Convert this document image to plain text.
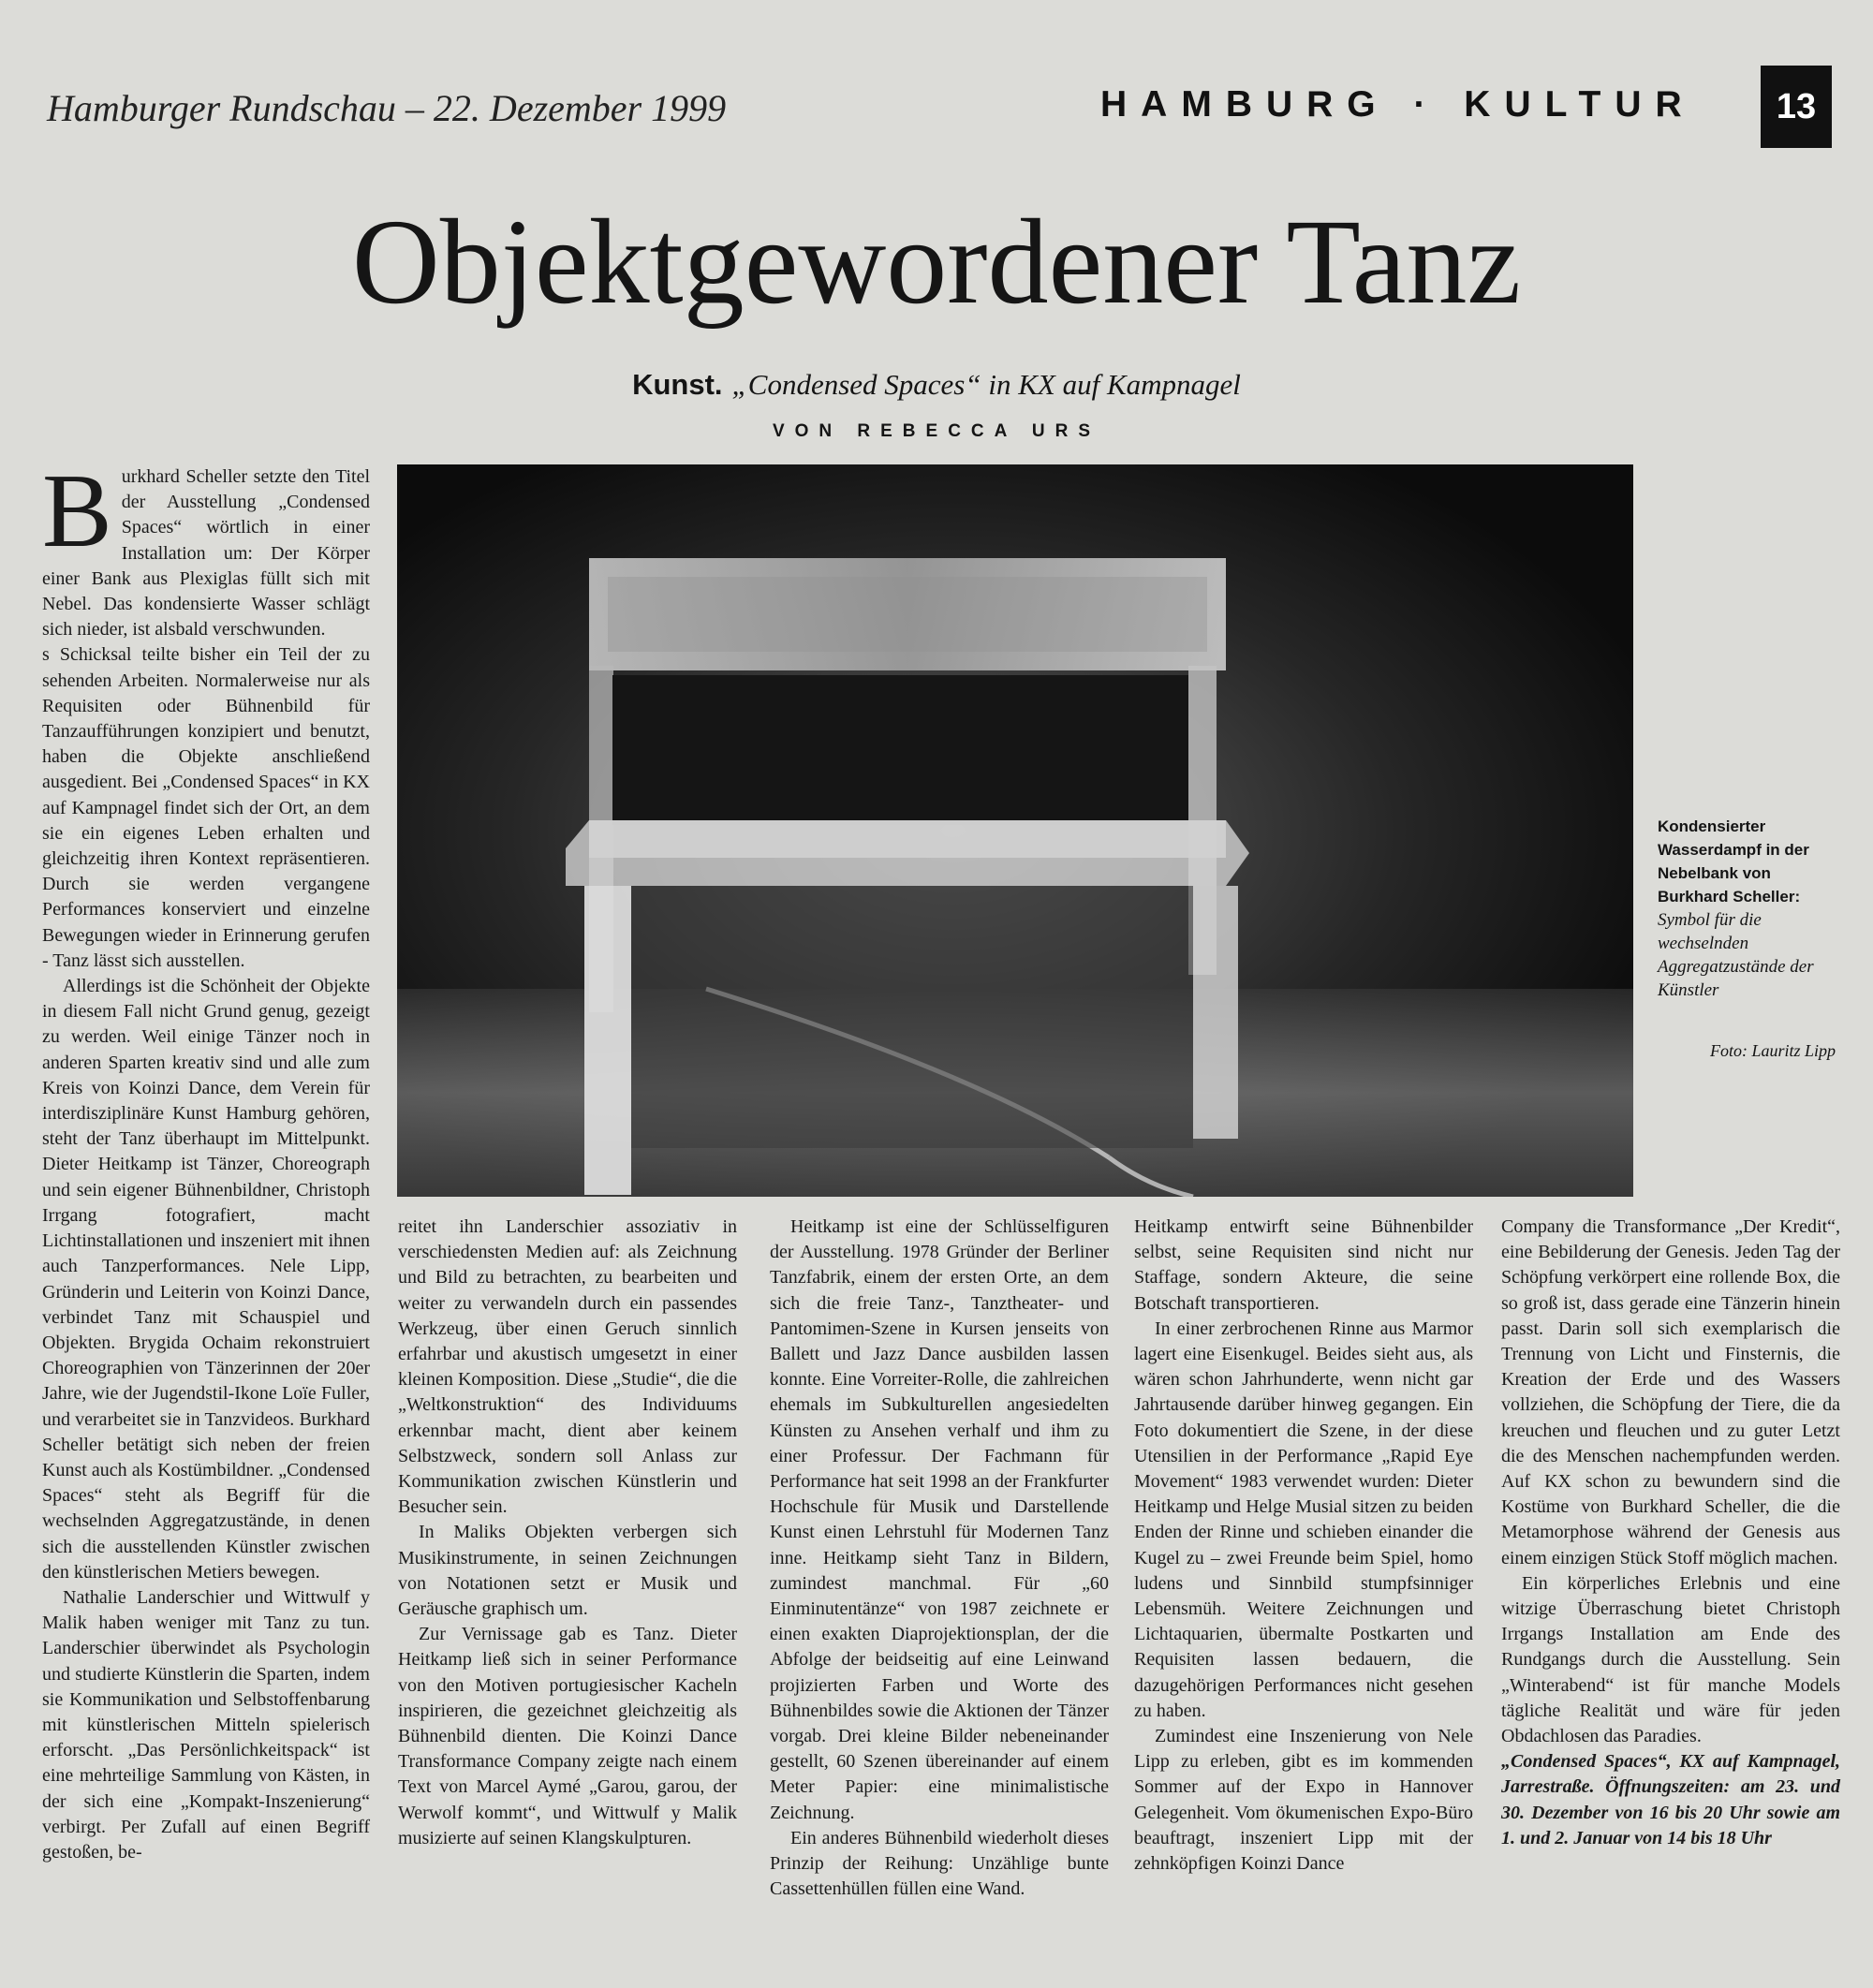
Hamburger Rundschau – 22. Dezember 1999	HAMBURG · KULTUR	13
Objektgewordener Tanz
Kunst. „Condensed Spaces“ in KX auf Kampnagel
VON REBECCA URS

Burkhard Scheller setzte den Titel der Ausstellung „Condensed Spaces“ wörtlich in einer Installation um: Der Körper einer Bank aus Plexiglas füllt sich mit Nebel. Das kondensierte Wasser schlägt sich nieder, ist alsbald verschwunden.

s Schicksal teilte bisher ein Teil der zu sehenden Arbeiten. Normalerweise nur als Requisiten oder Bühnenbild für Tanzaufführungen konzipiert und benutzt, haben die Objekte anschließend ausgedient. Bei „Condensed Spaces“ in KX auf Kampnagel findet sich der Ort, an dem sie ein eigenes Leben erhalten und gleichzeitig ihren Kontext repräsentieren. Durch sie werden vergangene Performances konserviert und einzelne Bewegungen wieder in Erinnerung gerufen - Tanz lässt sich ausstellen.

Allerdings ist die Schönheit der Objekte in diesem Fall nicht Grund genug, gezeigt zu werden. Weil einige Tänzer noch in anderen Sparten kreativ sind und alle zum Kreis von Koinzi Dance, dem Verein für interdisziplinäre Kunst Hamburg gehören, steht der Tanz überhaupt im Mittelpunkt. Dieter Heitkamp ist Tänzer, Choreograph und sein eigener Bühnenbildner, Christoph Irrgang fotografiert, macht Lichtinstallationen und inszeniert mit ihnen auch Tanzperformances. Nele Lipp, Gründerin und Leiterin von Koinzi Dance, verbindet Tanz mit Schauspiel und Objekten. Brygida Ochaim rekonstruiert Choreographien von Tänzerinnen der 20er Jahre, wie der Jugendstil-Ikone Loïe Fuller, und verarbeitet sie in Tanzvideos. Burkhard Scheller betätigt sich neben der freien Kunst auch als Kostümbildner. „Condensed Spaces“ steht als Begriff für die wechselnden Aggregatzustände, in denen sich die ausstellenden Künstler zwischen den künstlerischen Metiers bewegen.

Nathalie Landerschier und Wittwulf y Malik haben weniger mit Tanz zu tun. Landerschier überwindet als Psychologin und studierte Künstlerin die Sparten, indem sie Kommunikation und Selbstoffenbarung mit künstlerischen Mitteln spielerisch erforscht. „Das Persönlichkeitspack“ ist eine mehrteilige Sammlung von Kästen, in der sich eine „Kompakt-Inszenierung“ verbirgt. Per Zufall auf einen Begriff gestoßen, be-

reitet ihn Landerschier assoziativ in verschiedensten Medien auf: als Zeichnung und Bild zu betrachten, zu bearbeiten und weiter zu verwandeln durch ein passendes Werkzeug, über einen Geruch sinnlich erfahrbar und akustisch umgesetzt in einer kleinen Komposition. Diese „Studie“, die die „Weltkonstruktion“ des Individuums erkennbar macht, dient aber keinem Selbstzweck, sondern soll Anlass zur Kommunikation zwischen Künstlerin und Besucher sein.

In Maliks Objekten verbergen sich Musikinstrumente, in seinen Zeichnungen von Notationen setzt er Musik und Geräusche graphisch um.

Zur Vernissage gab es Tanz. Dieter Heitkamp ließ sich in seiner Performance von den Motiven portugiesischer Kacheln inspirieren, die gezeichnet gleichzeitig als Bühnenbild dienten. Die Koinzi Dance Transformance Company zeigte nach einem Text von Marcel Aymé „Garou, garou, der Werwolf kommt“, und Wittwulf y Malik musizierte auf seinen Klangskulpturen.

Heitkamp ist eine der Schlüsselfiguren der Ausstellung. 1978 Gründer der Berliner Tanzfabrik, einem der ersten Orte, an dem sich die freie Tanz-, Tanztheater- und Pantomimen-Szene in Kursen jenseits von Ballett und Jazz Dance ausbilden lassen konnte. Eine Vorreiter-Rolle, die zahlreichen ehemals im Subkulturellen angesiedelten Künsten zu Ansehen verhalf und ihm zu einer Professur. Der Fachmann für Performance hat seit 1998 an der Frankfurter Hochschule für Musik und Darstellende Kunst einen Lehrstuhl für Modernen Tanz inne. Heitkamp sieht Tanz in Bildern, zumindest manchmal. Für „60 Einminutentänze“ von 1987 zeichnete er einen exakten Diaprojektionsplan, der die Abfolge der beidseitig auf eine Leinwand projizierten Farben und Worte des Bühnenbildes sowie die Aktionen der Tänzer vorgab. Drei kleine Bilder nebeneinander gestellt, 60 Szenen übereinander auf einem Meter Papier: eine minimalistische Zeichnung.

Ein anderes Bühnenbild wiederholt dieses Prinzip der Reihung: Unzählige bunte Cassettenhüllen füllen eine Wand.

Heitkamp entwirft seine Bühnenbilder selbst, seine Requisiten sind nicht nur Staffage, sondern Akteure, die seine Botschaft transportieren.

In einer zerbrochenen Rinne aus Marmor lagert eine Eisenkugel. Beides sieht aus, als wären schon Jahrhunderte, wenn nicht gar Jahrtausende darüber hinweg gegangen. Ein Foto dokumentiert die Szene, in der diese Utensilien in der Performance „Rapid Eye Movement“ 1983 verwendet wurden: Dieter Heitkamp und Helge Musial sitzen zu beiden Enden der Rinne und schieben einander die Kugel zu – zwei Freunde beim Spiel, homo ludens und Sinnbild stumpfsinniger Lebensmüh. Weitere Zeichnungen und Lichtaquarien, übermalte Postkarten und Requisiten lassen bedauern, die dazugehörigen Performances nicht gesehen zu haben.

Zumindest eine Inszenierung von Nele Lipp zu erleben, gibt es im kommenden Sommer auf der Expo in Hannover Gelegenheit. Vom ökumenischen Expo-Büro beauftragt, inszeniert Lipp mit der zehnköpfigen Koinzi Dance

Company die Transformance „Der Kredit“, eine Bebilderung der Genesis. Jeden Tag der Schöpfung verkörpert eine rollende Box, die so groß ist, dass gerade eine Tänzerin hinein passt. Darin soll sich exemplarisch die Trennung von Licht und Finsternis, die Kreation der Erde und des Wassers vollziehen, die Schöpfung der Tiere, die da kreuchen und fleuchen und zu guter Letzt die des Menschen nachempfunden werden. Auf KX schon zu bewundern sind die Kostüme von Burkhard Scheller, die die Metamorphose während der Genesis aus einem einzigen Stück Stoff möglich machen.

Ein körperliches Erlebnis und eine witzige Überraschung bietet Christoph Irrgangs Installation am Ende des Rundgangs durch die Ausstellung. Sein „Winterabend“ ist für manche Models tägliche Realität und wäre für jeden Obdachlosen das Paradies.

„Condensed Spaces“, KX auf Kampnagel, Jarrestraße. Öffnungszeiten: am 23. und 30. Dezember von 16 bis 20 Uhr sowie am 1. und 2. Januar von 14 bis 18 Uhr

Kondensierter Wasserdampf in der Nebelbank von Burkhard Scheller: Symbol für die wechselnden Aggregatzustände der Künstler
Foto: Lauritz Lipp
